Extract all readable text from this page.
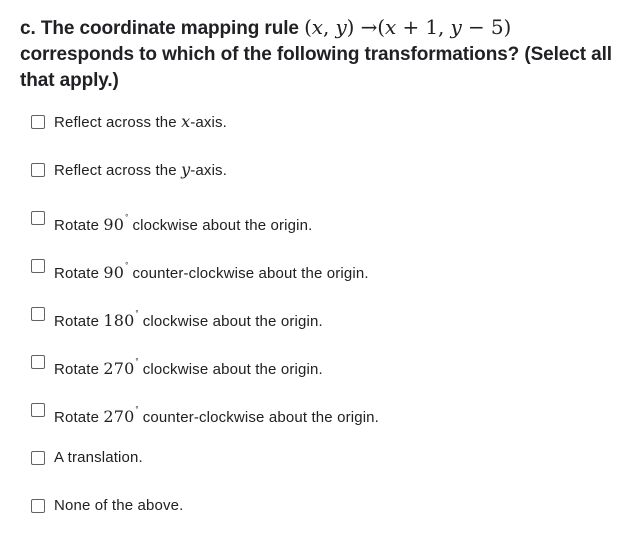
c. The coordinate mapping rule (x, y) →(x + 1, y − 5) corresponds to which of the following transformations? (Select all that apply.)
Reflect across the x-axis.
Reflect across the y-axis.
Rotate 90° clockwise about the origin.
Rotate 90° counter-clockwise about the origin.
Rotate 180° clockwise about the origin.
Rotate 270° clockwise about the origin.
Rotate 270° counter-clockwise about the origin.
A translation.
None of the above.
